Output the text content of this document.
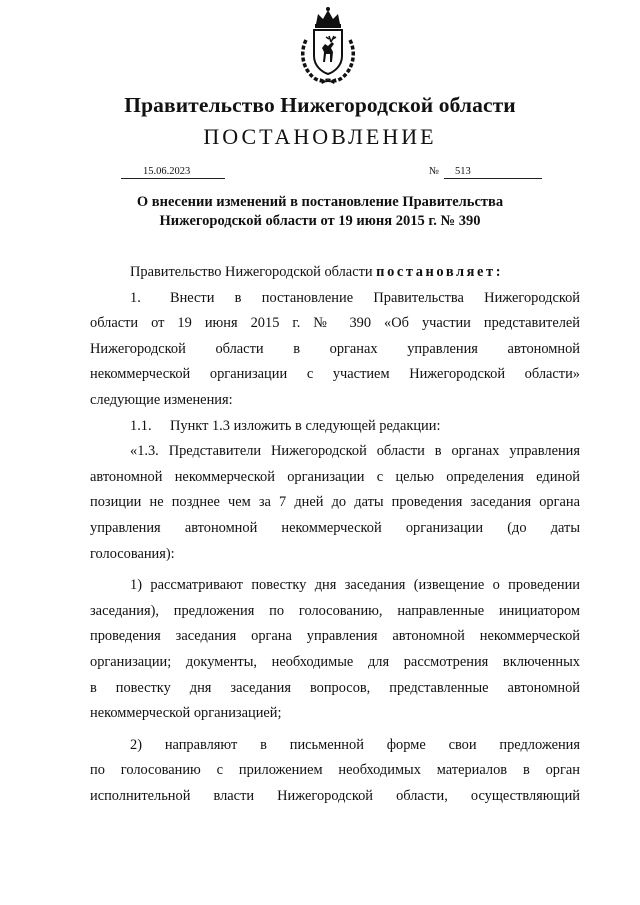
Правительство Нижегородской области
ПОСТАНОВЛЕНИЕ
15.06.2023	№	513
О внесении изменений в постановление Правительства
Нижегородской области от 19 июня 2015 г. № 390
Правительство Нижегородской области постановляет:
1. Внести в постановление Правительства Нижегородской
области от 19 июня 2015 г. № 390 «Об участии представителей
Нижегородской области в органах управления автономной
некоммерческой организации с участием Нижегородской области»
следующие изменения:
1.1. Пункт 1.3 изложить в следующей редакции:
«1.3. Представители Нижегородской области в органах управления
автономной некоммерческой организации с целью определения единой
позиции не позднее чем за 7 дней до даты проведения заседания органа
управления автономной некоммерческой организации (до даты
голосования):
1) рассматривают повестку дня заседания (извещение о проведении
заседания), предложения по голосованию, направленные инициатором
проведения заседания органа управления автономной некоммерческой
организации; документы, необходимые для рассмотрения включенных
в повестку дня заседания вопросов, представленные автономной
некоммерческой организацией;
2) направляют в письменной форме свои предложения
по голосованию с приложением необходимых материалов в орган
исполнительной власти Нижегородской области, осуществляющий
